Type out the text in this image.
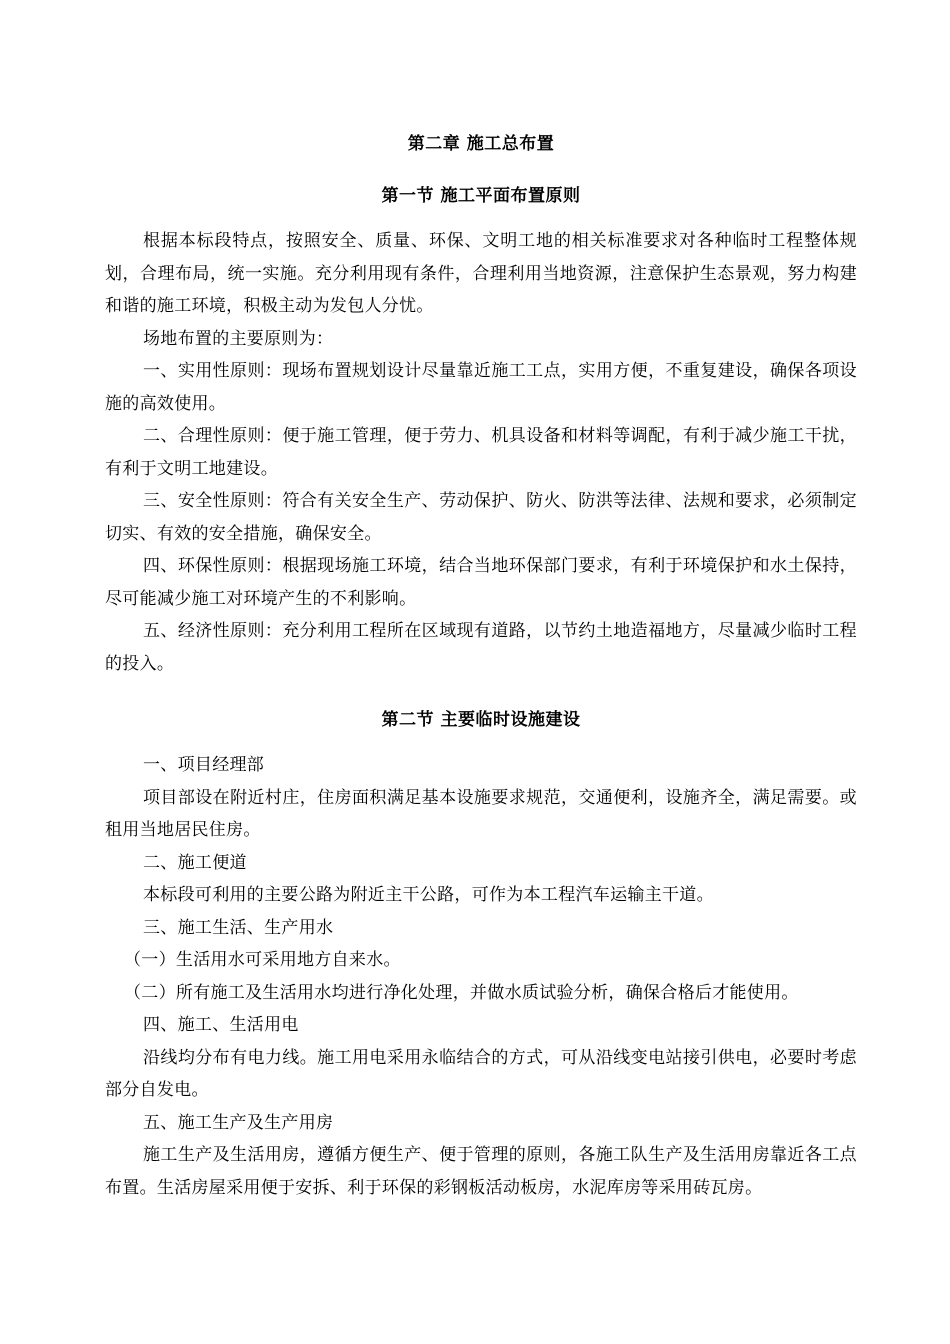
第二章 施工总布置
第一节 施工平面布置原则

根据本标段特点，按照安全、质量、环保、文明工地的相关标准要求对各种临时工程整体规划，合理布局，统一实施。充分利用现有条件，合理利用当地资源，注意保护生态景观，努力构建和谐的施工环境，积极主动为发包人分忧。

场地布置的主要原则为：

一、实用性原则：现场布置规划设计尽量靠近施工工点，实用方便，不重复建设，确保各项设施的高效使用。

二、合理性原则：便于施工管理，便于劳力、机具设备和材料等调配，有利于减少施工干扰，有利于文明工地建设。

三、安全性原则：符合有关安全生产、劳动保护、防火、防洪等法律、法规和要求，必须制定切实、有效的安全措施，确保安全。

四、环保性原则：根据现场施工环境，结合当地环保部门要求，有利于环境保护和水土保持，尽可能减少施工对环境产生的不利影响。

五、经济性原则：充分利用工程所在区域现有道路，以节约土地造福地方，尽量减少临时工程的投入。

第二节 主要临时设施建设

一、项目经理部

项目部设在附近村庄，住房面积满足基本设施要求规范，交通便利，设施齐全，满足需要。或租用当地居民住房。

二、施工便道

本标段可利用的主要公路为附近主干公路，可作为本工程汽车运输主干道。

三、施工生活、生产用水

（一）生活用水可采用地方自来水。

（二）所有施工及生活用水均进行净化处理，并做水质试验分析，确保合格后才能使用。

四、施工、生活用电

沿线均分布有电力线。施工用电采用永临结合的方式，可从沿线变电站接引供电，必要时考虑部分自发电。

五、施工生产及生产用房

施工生产及生活用房，遵循方便生产、便于管理的原则，各施工队生产及生活用房靠近各工点布置。生活房屋采用便于安拆、利于环保的彩钢板活动板房，水泥库房等采用砖瓦房。
